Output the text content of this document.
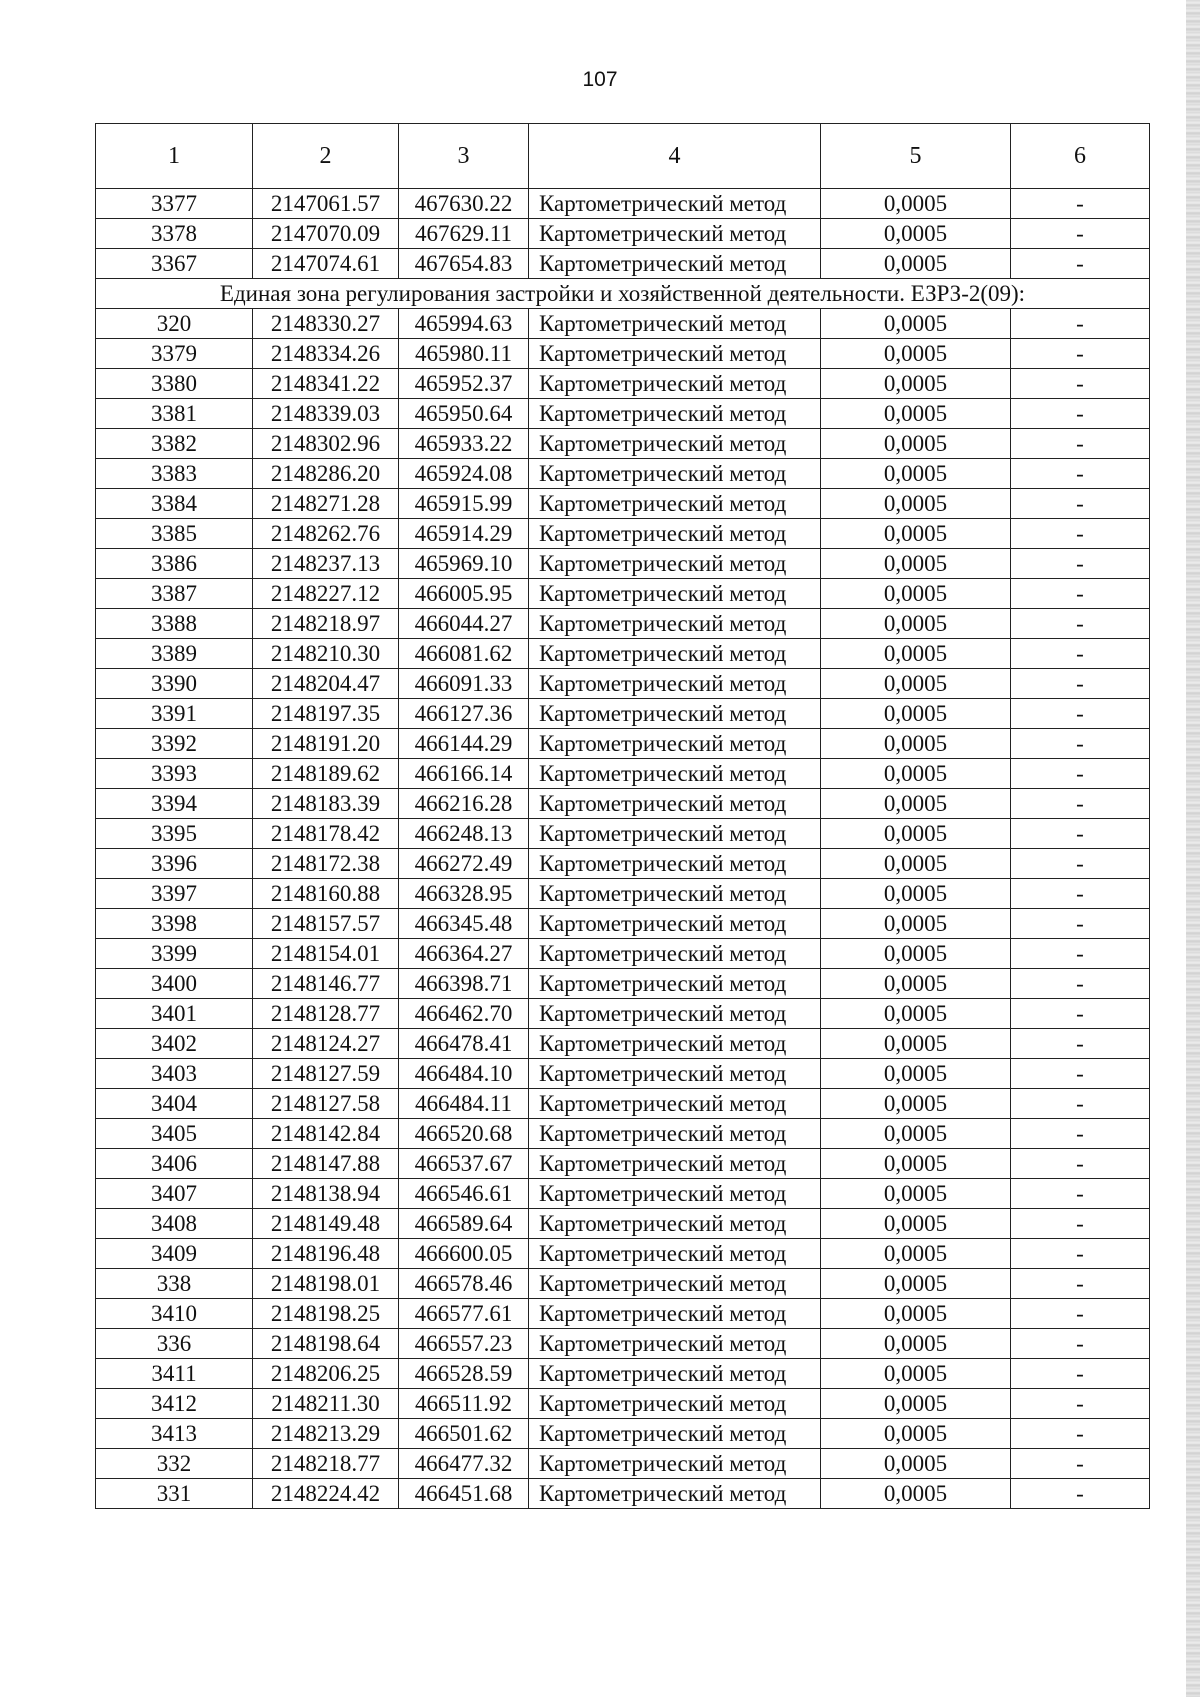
107
1	2	3	4	5	6
3377	2147061.57	467630.22	Картометрический метод	0,0005	-
3378	2147070.09	467629.11	Картометрический метод	0,0005	-
3367	2147074.61	467654.83	Картометрический метод	0,0005	-
Единая зона регулирования застройки и хозяйственной деятельности. ЕЗРЗ-2(09):					
320	2148330.27	465994.63	Картометрический метод	0,0005	-
3379	2148334.26	465980.11	Картометрический метод	0,0005	-
3380	2148341.22	465952.37	Картометрический метод	0,0005	-
3381	2148339.03	465950.64	Картометрический метод	0,0005	-
3382	2148302.96	465933.22	Картометрический метод	0,0005	-
3383	2148286.20	465924.08	Картометрический метод	0,0005	-
3384	2148271.28	465915.99	Картометрический метод	0,0005	-
3385	2148262.76	465914.29	Картометрический метод	0,0005	-
3386	2148237.13	465969.10	Картометрический метод	0,0005	-
3387	2148227.12	466005.95	Картометрический метод	0,0005	-
3388	2148218.97	466044.27	Картометрический метод	0,0005	-
3389	2148210.30	466081.62	Картометрический метод	0,0005	-
3390	2148204.47	466091.33	Картометрический метод	0,0005	-
3391	2148197.35	466127.36	Картометрический метод	0,0005	-
3392	2148191.20	466144.29	Картометрический метод	0,0005	-
3393	2148189.62	466166.14	Картометрический метод	0,0005	-
3394	2148183.39	466216.28	Картометрический метод	0,0005	-
3395	2148178.42	466248.13	Картометрический метод	0,0005	-
3396	2148172.38	466272.49	Картометрический метод	0,0005	-
3397	2148160.88	466328.95	Картометрический метод	0,0005	-
3398	2148157.57	466345.48	Картометрический метод	0,0005	-
3399	2148154.01	466364.27	Картометрический метод	0,0005	-
3400	2148146.77	466398.71	Картометрический метод	0,0005	-
3401	2148128.77	466462.70	Картометрический метод	0,0005	-
3402	2148124.27	466478.41	Картометрический метод	0,0005	-
3403	2148127.59	466484.10	Картометрический метод	0,0005	-
3404	2148127.58	466484.11	Картометрический метод	0,0005	-
3405	2148142.84	466520.68	Картометрический метод	0,0005	-
3406	2148147.88	466537.67	Картометрический метод	0,0005	-
3407	2148138.94	466546.61	Картометрический метод	0,0005	-
3408	2148149.48	466589.64	Картометрический метод	0,0005	-
3409	2148196.48	466600.05	Картометрический метод	0,0005	-
338	2148198.01	466578.46	Картометрический метод	0,0005	-
3410	2148198.25	466577.61	Картометрический метод	0,0005	-
336	2148198.64	466557.23	Картометрический метод	0,0005	-
3411	2148206.25	466528.59	Картометрический метод	0,0005	-
3412	2148211.30	466511.92	Картометрический метод	0,0005	-
3413	2148213.29	466501.62	Картометрический метод	0,0005	-
332	2148218.77	466477.32	Картометрический метод	0,0005	-
331	2148224.42	466451.68	Картометрический метод	0,0005	-
